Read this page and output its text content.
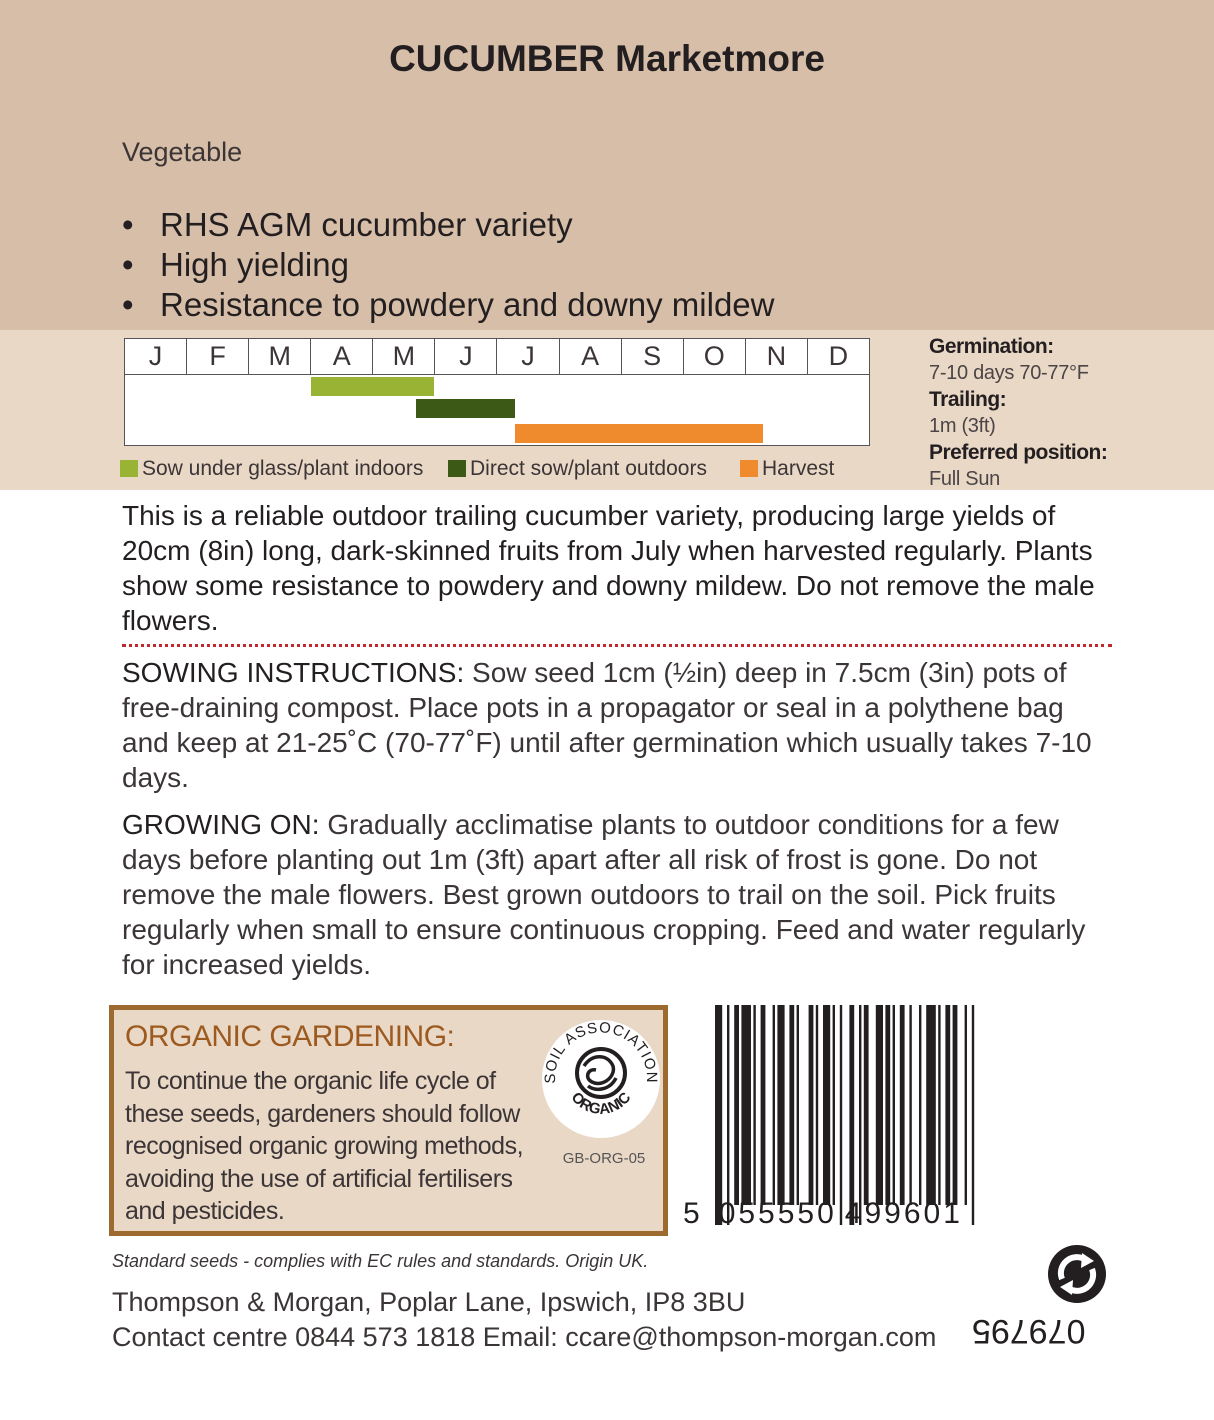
CUCUMBER Marketmore
Vegetable
• RHS AGM cucumber variety
• High yielding
• Resistance to powdery and downy mildew
J	F	M	A	M	J	J	A	S	O	N	D
Sow under glass/plant indoors	Direct sow/plant outdoors	Harvest
Germination:
7-10 days 70-77°F
Trailing:
1m (3ft)
Preferred position:
Full Sun
This is a reliable outdoor trailing cucumber variety, producing large yields of 20cm (8in) long, dark-skinned fruits from July when harvested regularly. Plants show some resistance to powdery and downy mildew. Do not remove the male flowers.
SOWING INSTRUCTIONS: Sow seed 1cm (½in) deep in 7.5cm (3in) pots of free-draining compost. Place pots in a propagator or seal in a polythene bag and keep at 21-25˚C (70-77˚F) until after germination which usually takes 7-10 days.
GROWING ON: Gradually acclimatise plants to outdoor conditions for a few days before planting out 1m (3ft) apart after all risk of frost is gone. Do not remove the male flowers. Best grown outdoors to trail on the soil. Pick fruits regularly when small to ensure continuous cropping. Feed and water regularly for increased yields.
ORGANIC GARDENING:
To continue the organic life cycle of these seeds, gardeners should follow recognised organic growing methods, avoiding the use of artificial fertilisers and pesticides.
SOIL ASSOCIATION
ORGANIC
GB-ORG-05
5 055550 499601
Standard seeds - complies with EC rules and standards. Origin UK.
Thompson & Morgan, Poplar Lane, Ipswich, IP8 3BU
Contact centre 0844 573 1818 Email: ccare@thompson-morgan.com 079795
